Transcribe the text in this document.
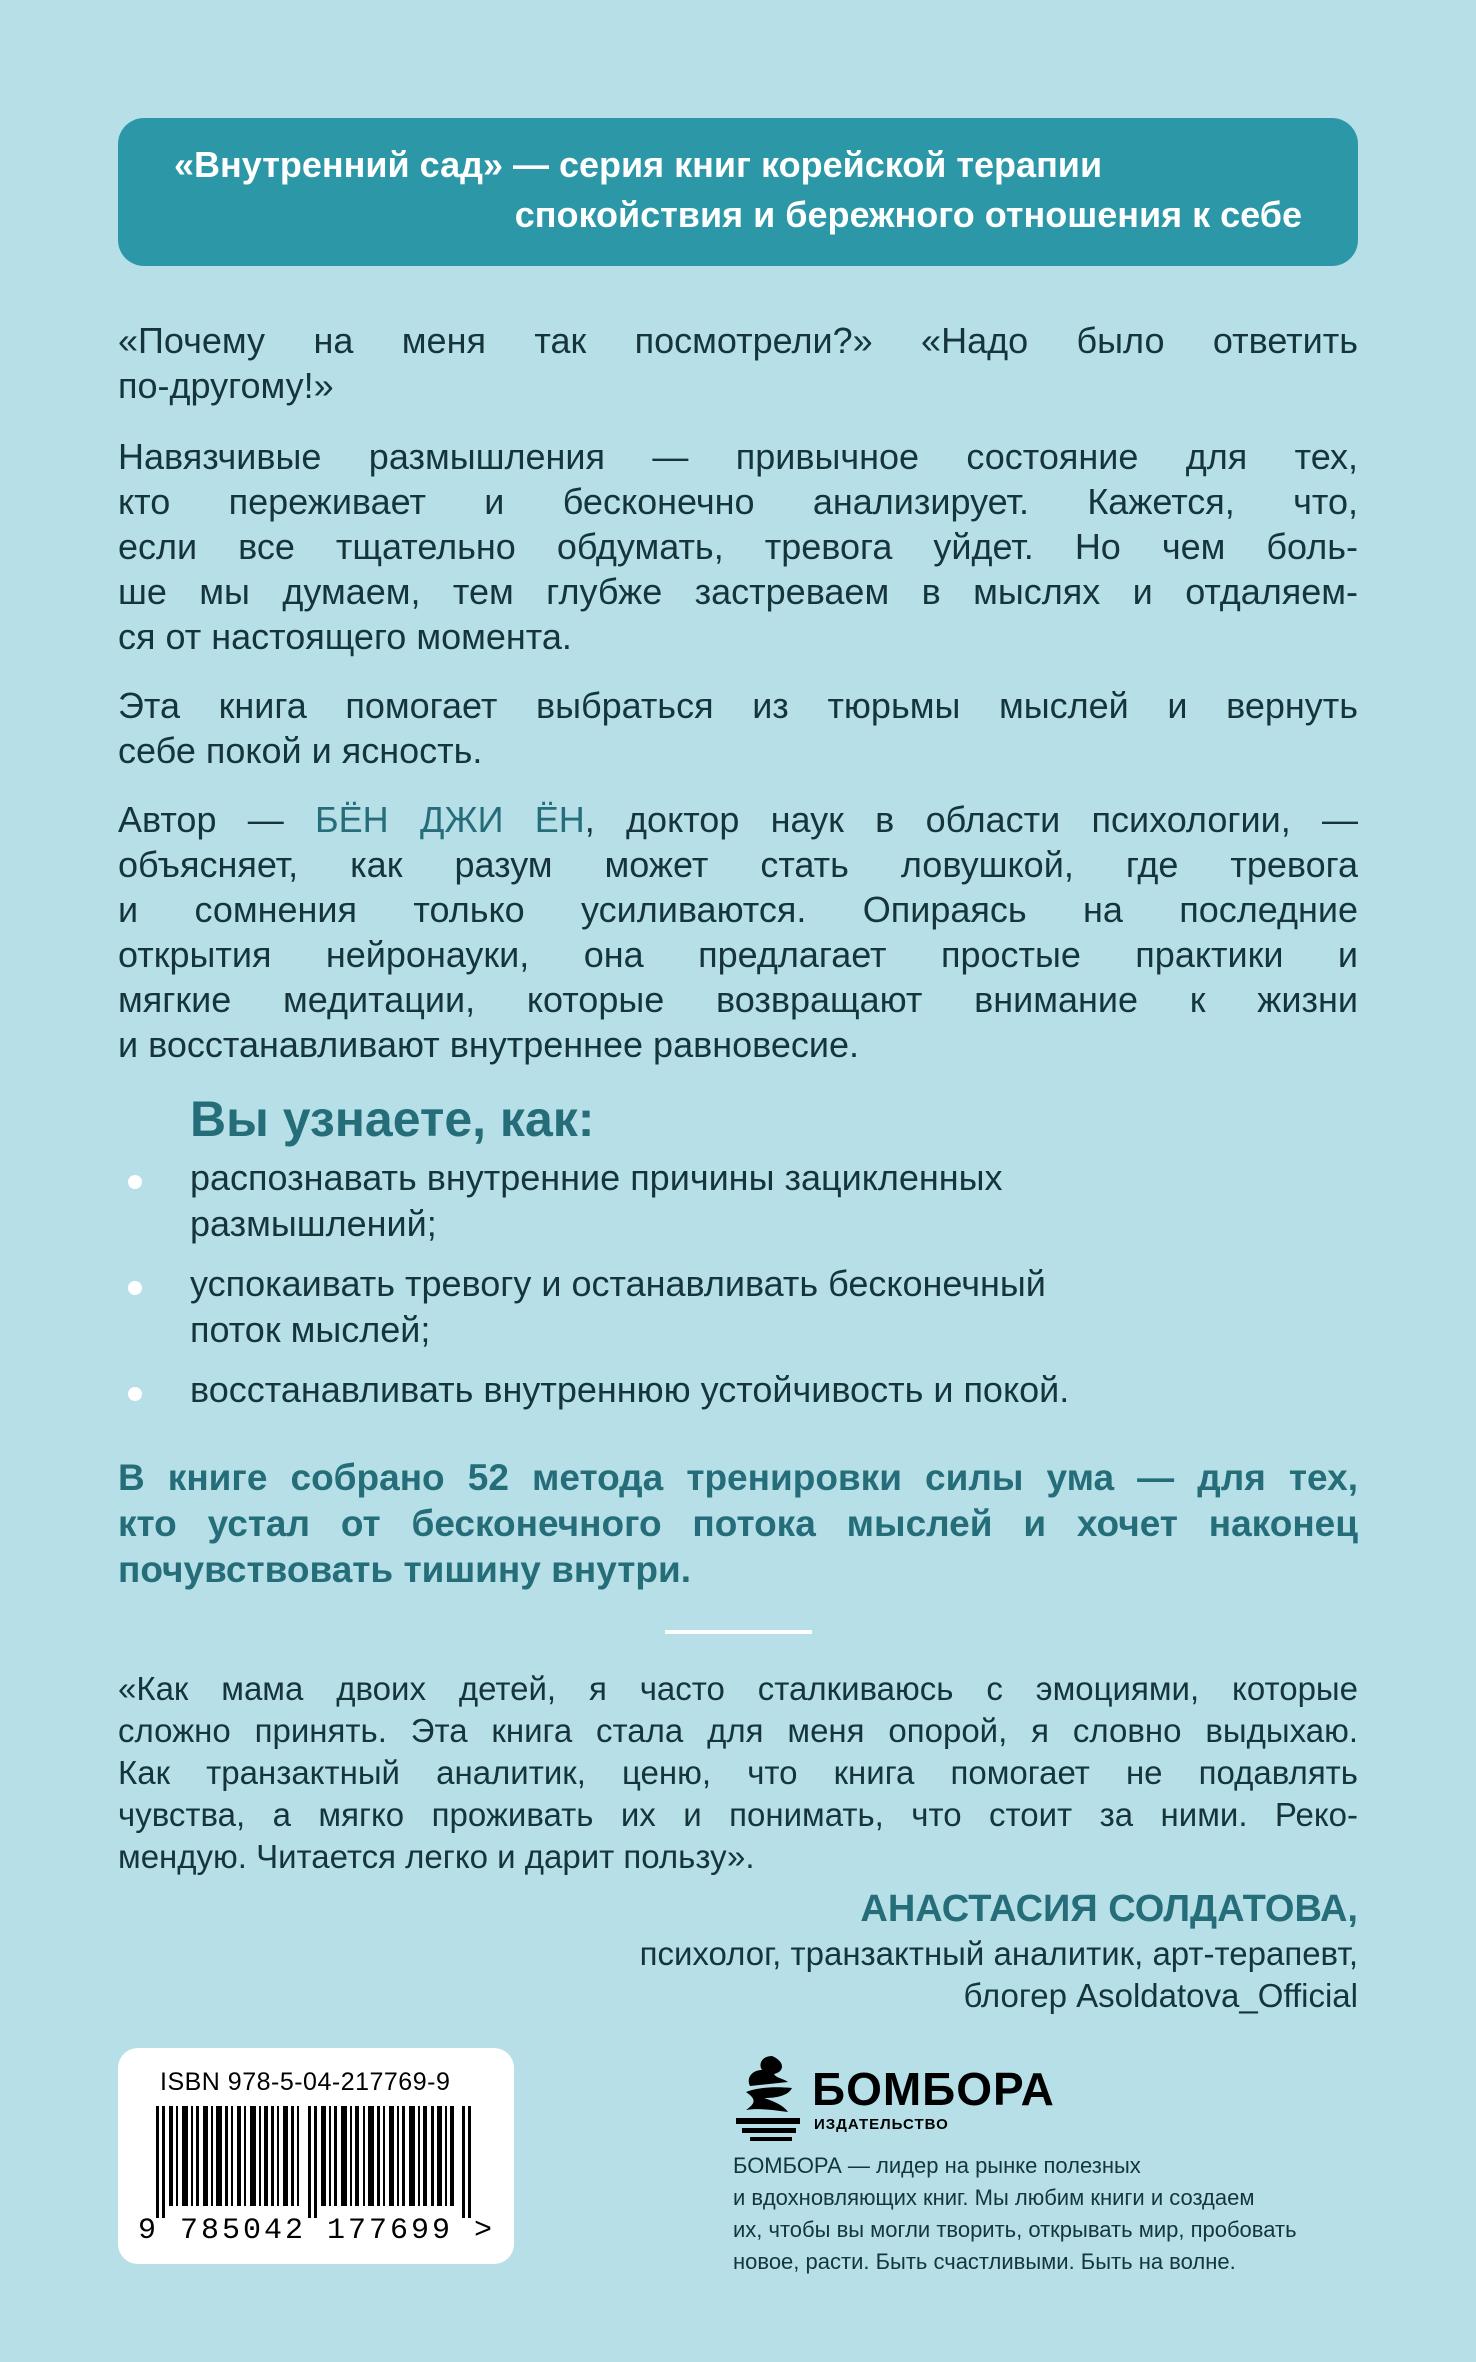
«Внутренний сад» — серия книг корейской терапии
спокойствия и бережного отношения к себе
«Почему на меня так посмотрели?» «Надо было ответить
по-другому!»
Навязчивые размышления — привычное состояние для тех,
кто переживает и бесконечно анализирует. Кажется, что,
если все тщательно обдумать, тревога уйдет. Но чем боль-
ше мы думаем, тем глубже застреваем в мыслях и отдаляем-
ся от настоящего момента.
Эта книга помогает выбраться из тюрьмы мыслей и вернуть
себе покой и ясность.
Автор — БЁН ДЖИ ЁН, доктор наук в области психологии, —
объясняет, как разум может стать ловушкой, где тревога
и сомнения только усиливаются. Опираясь на последние
открытия нейронауки, она предлагает простые практики и
мягкие медитации, которые возвращают внимание к жизни
и восстанавливают внутреннее равновесие.
Вы узнаете, как:
распознавать внутренние причины зацикленных
размышлений;
успокаивать тревогу и останавливать бесконечный
поток мыслей;
восстанавливать внутреннюю устойчивость и покой.
В книге собрано 52 метода тренировки силы ума — для тех,
кто устал от бесконечного потока мыслей и хочет наконец
почувствовать тишину внутри.
«Как мама двоих детей, я часто сталкиваюсь с эмоциями, которые
сложно принять. Эта книга стала для меня опорой, я словно выдыхаю.
Как транзактный аналитик, ценю, что книга помогает не подавлять
чувства, а мягко проживать их и понимать, что стоит за ними. Реко-
мендую. Читается легко и дарит пользу».
АНАСТАСИЯ СОЛДАТОВА,
психолог, транзактный аналитик, арт-терапевт,
блогер Asoldatova_Official
ISBN 978-5-04-217769-9
9 785042 177699 >
БОМБОРА
ИЗДАТЕЛЬСТВО
БОМБОРА — лидер на рынке полезных
и вдохновляющих книг. Мы любим книги и создаем
их, чтобы вы могли творить, открывать мир, пробовать
новое, расти. Быть счастливыми. Быть на волне.
